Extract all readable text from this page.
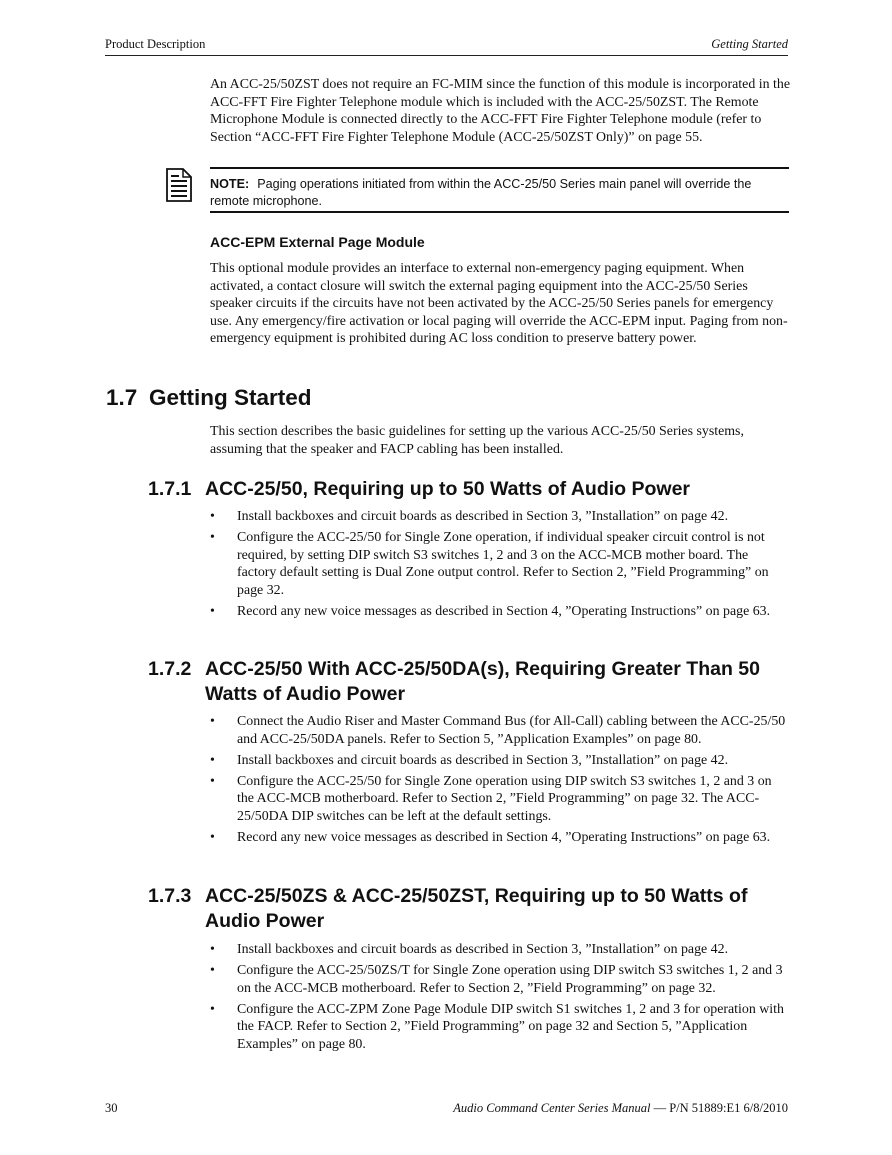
Product Description	Getting Started

An ACC-25/50ZST does not require an FC-MIM since the function of this module is incorporated in the ACC-FFT Fire Fighter Telephone module which is included with the ACC-25/50ZST. The Remote Microphone Module is connected directly to the ACC-FFT Fire Fighter Telephone module (refer to Section “ACC-FFT Fire Fighter Telephone Module (ACC-25/50ZST Only)” on page 55.

NOTE: Paging operations initiated from within the ACC-25/50 Series main panel will override the remote microphone.
ACC-EPM External Page Module

This optional module provides an interface to external non-emergency paging equipment. When activated, a contact closure will switch the external paging equipment into the ACC-25/50 Series speaker circuits if the circuits have not been activated by the ACC-25/50 Series panels for emergency use. Any emergency/fire activation or local paging will override the ACC-EPM input. Paging from non-emergency equipment is prohibited during AC loss condition to preserve battery power.

1.7 Getting Started

This section describes the basic guidelines for setting up the various ACC-25/50 Series systems, assuming that the speaker and FACP cabling has been installed.

1.7.1 ACC-25/50, Requiring up to 50 Watts of Audio Power
• Install backboxes and circuit boards as described in Section 3, ”Installation” on page 42.
• Configure the ACC-25/50 for Single Zone operation, if individual speaker circuit control is not required, by setting DIP switch S3 switches 1, 2 and 3 on the ACC-MCB mother board. The factory default setting is Dual Zone output control. Refer to Section 2, ”Field Programming” on page 32.
• Record any new voice messages as described in Section 4, ”Operating Instructions” on page 63.
1.7.2 ACC-25/50 With ACC-25/50DA(s), Requiring Greater Than 50 Watts of Audio Power
• Connect the Audio Riser and Master Command Bus (for All-Call) cabling between the ACC-25/50 and ACC-25/50DA panels. Refer to Section 5, ”Application Examples” on page 80.
• Install backboxes and circuit boards as described in Section 3, ”Installation” on page 42.
• Configure the ACC-25/50 for Single Zone operation using DIP switch S3 switches 1, 2 and 3 on the ACC-MCB motherboard. Refer to Section 2, ”Field Programming” on page 32. The ACC-25/50DA DIP switches can be left at the default settings.
• Record any new voice messages as described in Section 4, ”Operating Instructions” on page 63.
1.7.3 ACC-25/50ZS & ACC-25/50ZST, Requiring up to 50 Watts of Audio Power
• Install backboxes and circuit boards as described in Section 3, ”Installation” on page 42.
• Configure the ACC-25/50ZS/T for Single Zone operation using DIP switch S3 switches 1, 2 and 3 on the ACC-MCB motherboard. Refer to Section 2, ”Field Programming” on page 32.
• Configure the ACC-ZPM Zone Page Module DIP switch S1 switches 1, 2 and 3 for operation with the FACP. Refer to Section 2, ”Field Programming” on page 32 and Section 5, ”Application Examples” on page 80.
30	Audio Command Center Series Manual — P/N 51889:E1 6/8/2010
